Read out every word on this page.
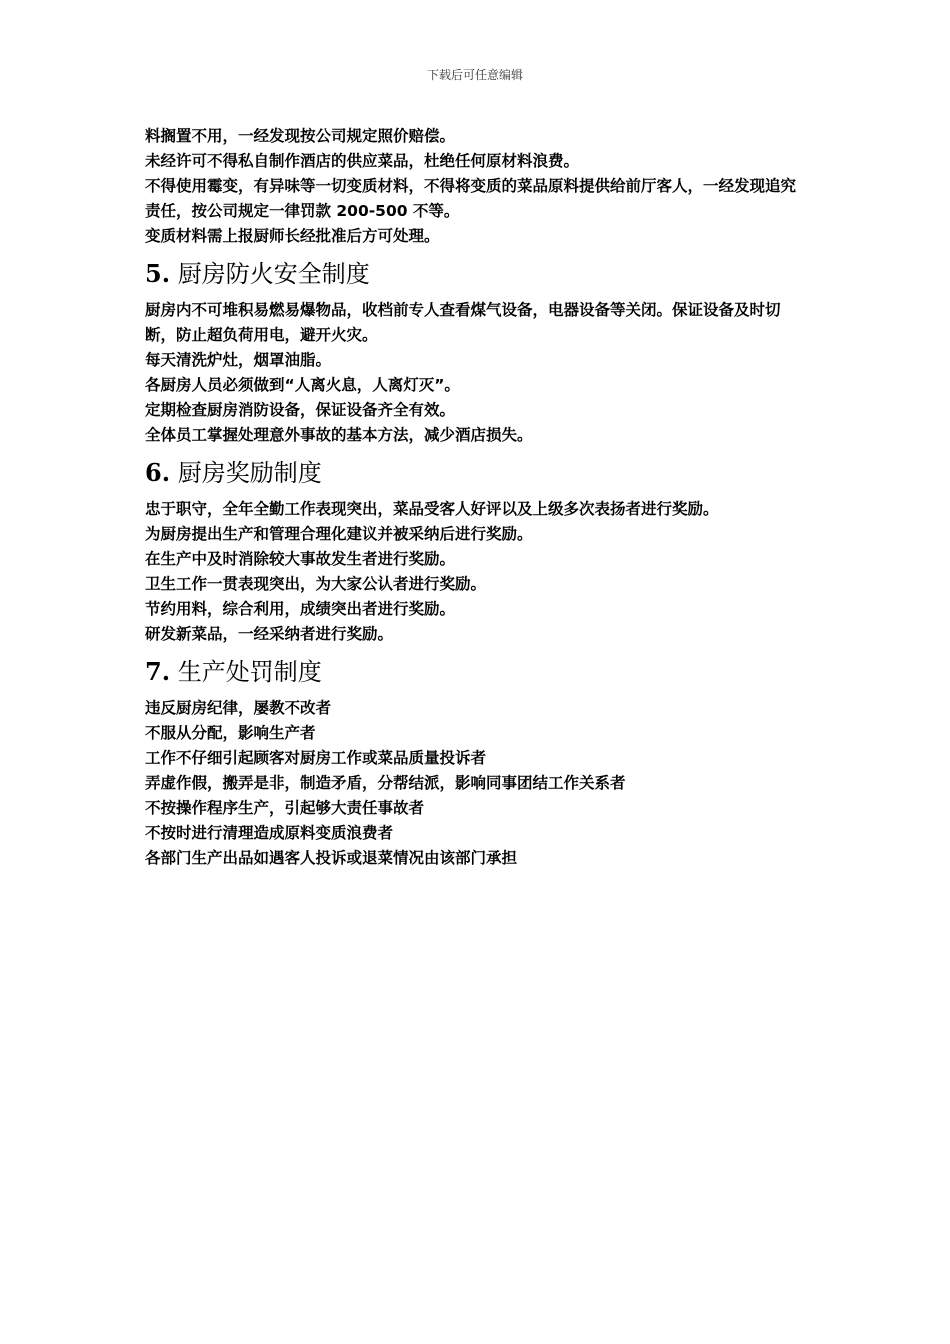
下载后可任意编辑

料搁置不用，一经发现按公司规定照价赔偿。

未经许可不得私自制作酒店的供应菜品，杜绝任何原材料浪费。

不得使用霉变，有异味等一切变质材料，不得将变质的菜品原料提供给前厅客人，一经发现追究责任，按公司规定一律罚款 200-500 不等。

变质材料需上报厨师长经批准后方可处理。

5. 厨房防火安全制度

厨房内不可堆积易燃易爆物品，收档前专人查看煤气设备，电器设备等关闭。保证设备及时切断，防止超负荷用电，避开火灾。

每天清洗炉灶，烟罩油脂。

各厨房人员必须做到“人离火息，人离灯灭”。

定期检查厨房消防设备，保证设备齐全有效。

全体员工掌握处理意外事故的基本方法，减少酒店损失。

6. 厨房奖励制度

忠于职守，全年全勤工作表现突出，菜品受客人好评以及上级多次表扬者进行奖励。

为厨房提出生产和管理合理化建议并被采纳后进行奖励。

在生产中及时消除较大事故发生者进行奖励。

卫生工作一贯表现突出，为大家公认者进行奖励。

节约用料，综合利用，成绩突出者进行奖励。

研发新菜品，一经采纳者进行奖励。

7. 生产处罚制度

违反厨房纪律，屡教不改者

不服从分配，影响生产者

工作不仔细引起顾客对厨房工作或菜品质量投诉者

弄虚作假，搬弄是非，制造矛盾，分帮结派，影响同事团结工作关系者

不按操作程序生产，引起够大责任事故者

不按时进行清理造成原料变质浪费者

各部门生产出品如遇客人投诉或退菜情况由该部门承担
